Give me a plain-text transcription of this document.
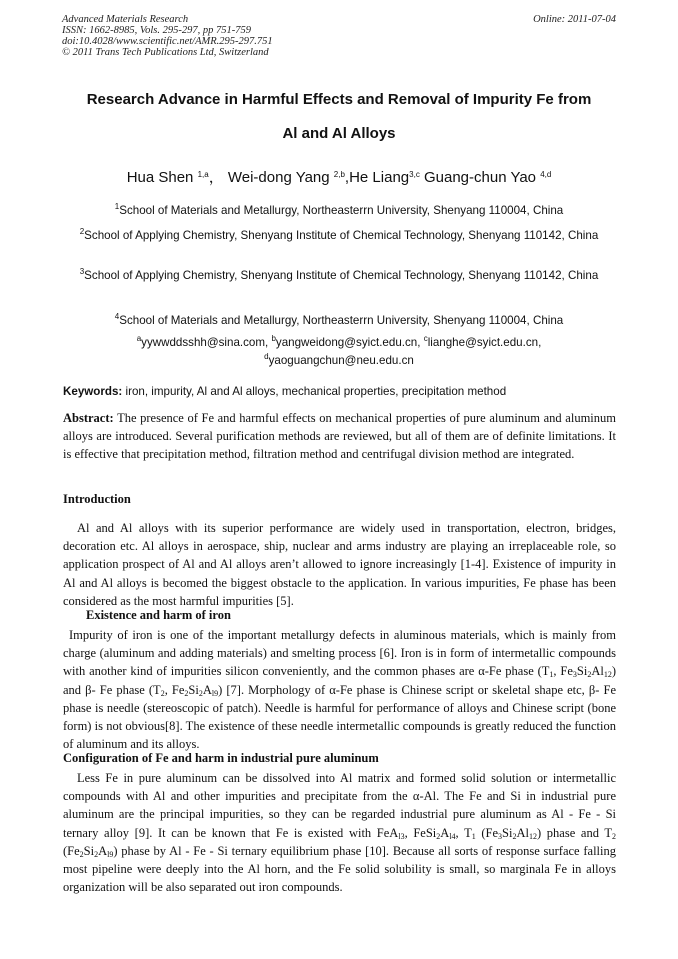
Advanced Materials Research
ISSN: 1662-8985, Vols. 295-297, pp 751-759
doi:10.4028/www.scientific.net/AMR.295-297.751
© 2011 Trans Tech Publications Ltd, Switzerland
Online: 2011-07-04
Research Advance in Harmful Effects and Removal of Impurity Fe from
Al and Al Alloys
Hua Shen $^{1,a}$， Wei-dong Yang $^{2,b}$,He Liang$^{3,c}$ Guang-chun Yao $^{4,d}$
$^1$School of Materials and Metallurgy, Northeasterrn University, Shenyang 110004, China
$^2$School of Applying Chemistry, Shenyang Institute of Chemical Technology, Shenyang 110142, China
$^3$School of Applying Chemistry, Shenyang Institute of Chemical Technology, Shenyang 110142, China
$^4$School of Materials and Metallurgy, Northeasterrn University, Shenyang 110004, China
$^a$yywwddsshh@sina.com, $^b$yangweidong@syict.edu.cn, $^c$lianghe@syict.edu.cn,
$^d$yaoguangchun@neu.edu.cn
Keywords: iron, impurity, Al and Al alloys, mechanical properties, precipitation method
Abstract: The presence of Fe and harmful effects on mechanical properties of pure aluminum and aluminum alloys are introduced. Several purification methods are reviewed, but all of them are of definite limitations. It is effective that precipitation method, filtration method and centrifugal division method are integrated.
Introduction
Al and Al alloys with its superior performance are widely used in transportation, electron, bridges, decoration etc. Al alloys in aerospace, ship, nuclear and arms industry are playing an irreplaceable role, so application prospect of Al and Al alloys aren’t allowed to ignore increasingly [1-4]. Existence of impurity in Al and Al alloys is becomed the biggest obstacle to the application. In various impurities, Fe phase has been considered as the most harmful impurities [5].
Existence and harm of iron
Impurity of iron is one of the important metallurgy defects in aluminous materials, which is mainly from charge (aluminum and adding materials) and smelting process [6]. Iron is in form of intermetallic compounds with another kind of impurities silicon conveniently, and the common phases are α-Fe phase ($T_1$, $Fe_3Si_2Al_{12}$) and β- Fe phase ($T_2$, $Fe_2Si_2A_{l9}$) [7]. Morphology of α-Fe phase is Chinese script or skeletal shape etc, β- Fe phase is needle (stereoscopic of patch). Needle is harmful for performance of alloys and Chinese script (bone form) is not obvious[8]. The existence of these needle intermetallic compounds is greatly reduced the function of aluminum and its alloys.
Configuration of Fe and harm in industrial pure aluminum
Less Fe in pure aluminum can be dissolved into Al matrix and formed solid solution or intermetallic compounds with Al and other impurities and precipitate from the α-Al. The Fe and Si in industrial pure aluminum are the principal impurities, so they can be regarded industrial pure aluminum as Al - Fe - Si ternary alloy [9]. It can be known that Fe is existed with FeA$_{l3}$, $FeSi_2A_{l4}$, $T_1$ $(Fe_3Si_2Al_{12})$ phase and $T_2$ $(Fe_2Si_2A_{l9})$ phase by Al - Fe - Si ternary equilibrium phase [10]. Because all sorts of response surface falling most pipeline were deeply into the Al horn, and the Fe solid solubility is small, so marginala Fe in alloys organization will be also separated out iron compounds.
